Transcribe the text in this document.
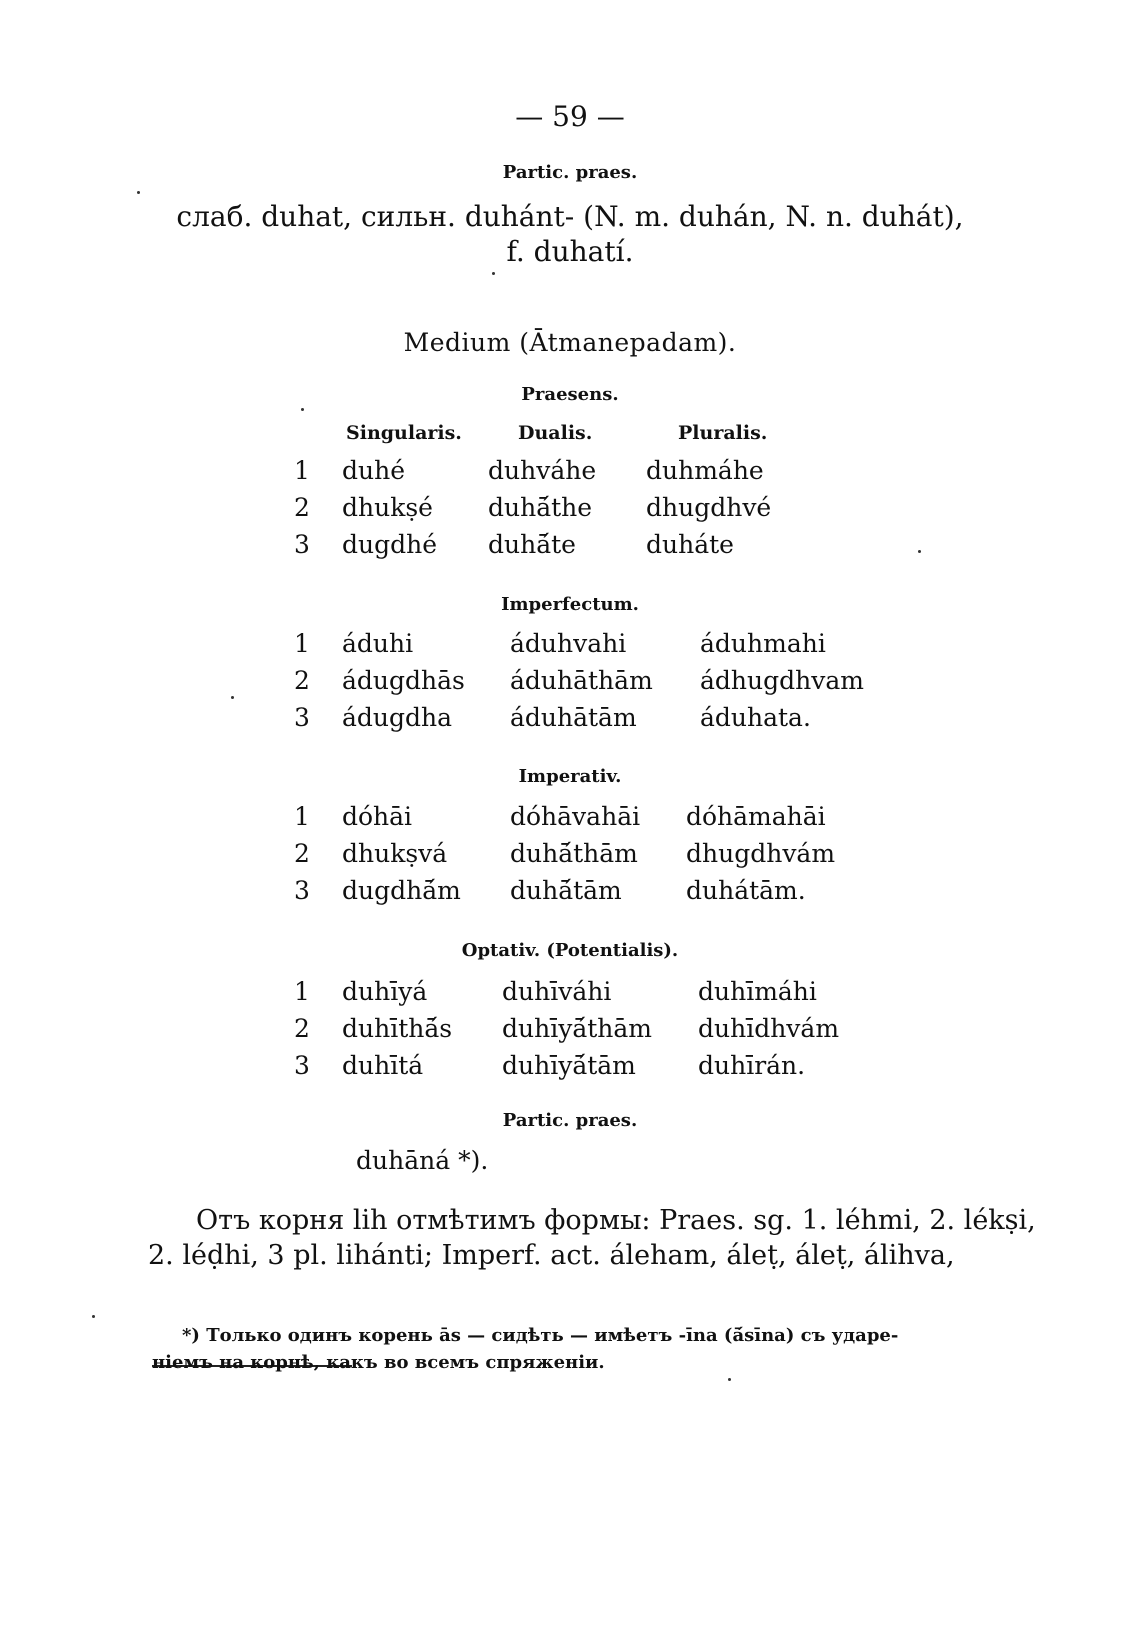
— 59 —
Partic. praes.
слаб. duhat, сильн. duhánt- (N. m. duhán, N. n. duhát),
f. duhatí.
Medium (Ātmanepadam).
Praesens.
Singularis.	Dualis.	Pluralis.
1 duhé	duhváhe duhmáhe
2 dhukṣé duhā́the dhugdhvé
3 dugdhé duhā́te	duháte
Imperfectum.
1 áduhi	áduhvahi	áduhmahi
2 ádugdhās áduhāthām ádhugdhvam
3 ádugdha áduhātām	áduhata.
Imperativ.
1 dóhāi	dóhāvahāi dóhāmahāi
2 dhukṣvá	duhā́thām dhugdhvám
3 dugdhā́m duhā́tām	duhátām.
Optativ. (Potentialis).
1 duhīyá	duhīváhi	duhīmáhi
2 duhīthā́s duhīyā́thām duhīdhvám
3 duhītá	duhīyā́tām duhīrán.
Partic. praes.
duhāná *).
Отъ корня lih отмѣтимъ формы: Praes. sg. 1. léhmi, 2. lékṣi,
2. léḍhi, 3 pl. lihánti; Imperf. act. áleham, áleṭ, áleṭ, álihva,
*) Только одинъ корень ās — сидѣть — имѣетъ -īna (ā́sīna) съ ударе-
ніемъ на корнѣ, какъ во всемъ спряженіи.
